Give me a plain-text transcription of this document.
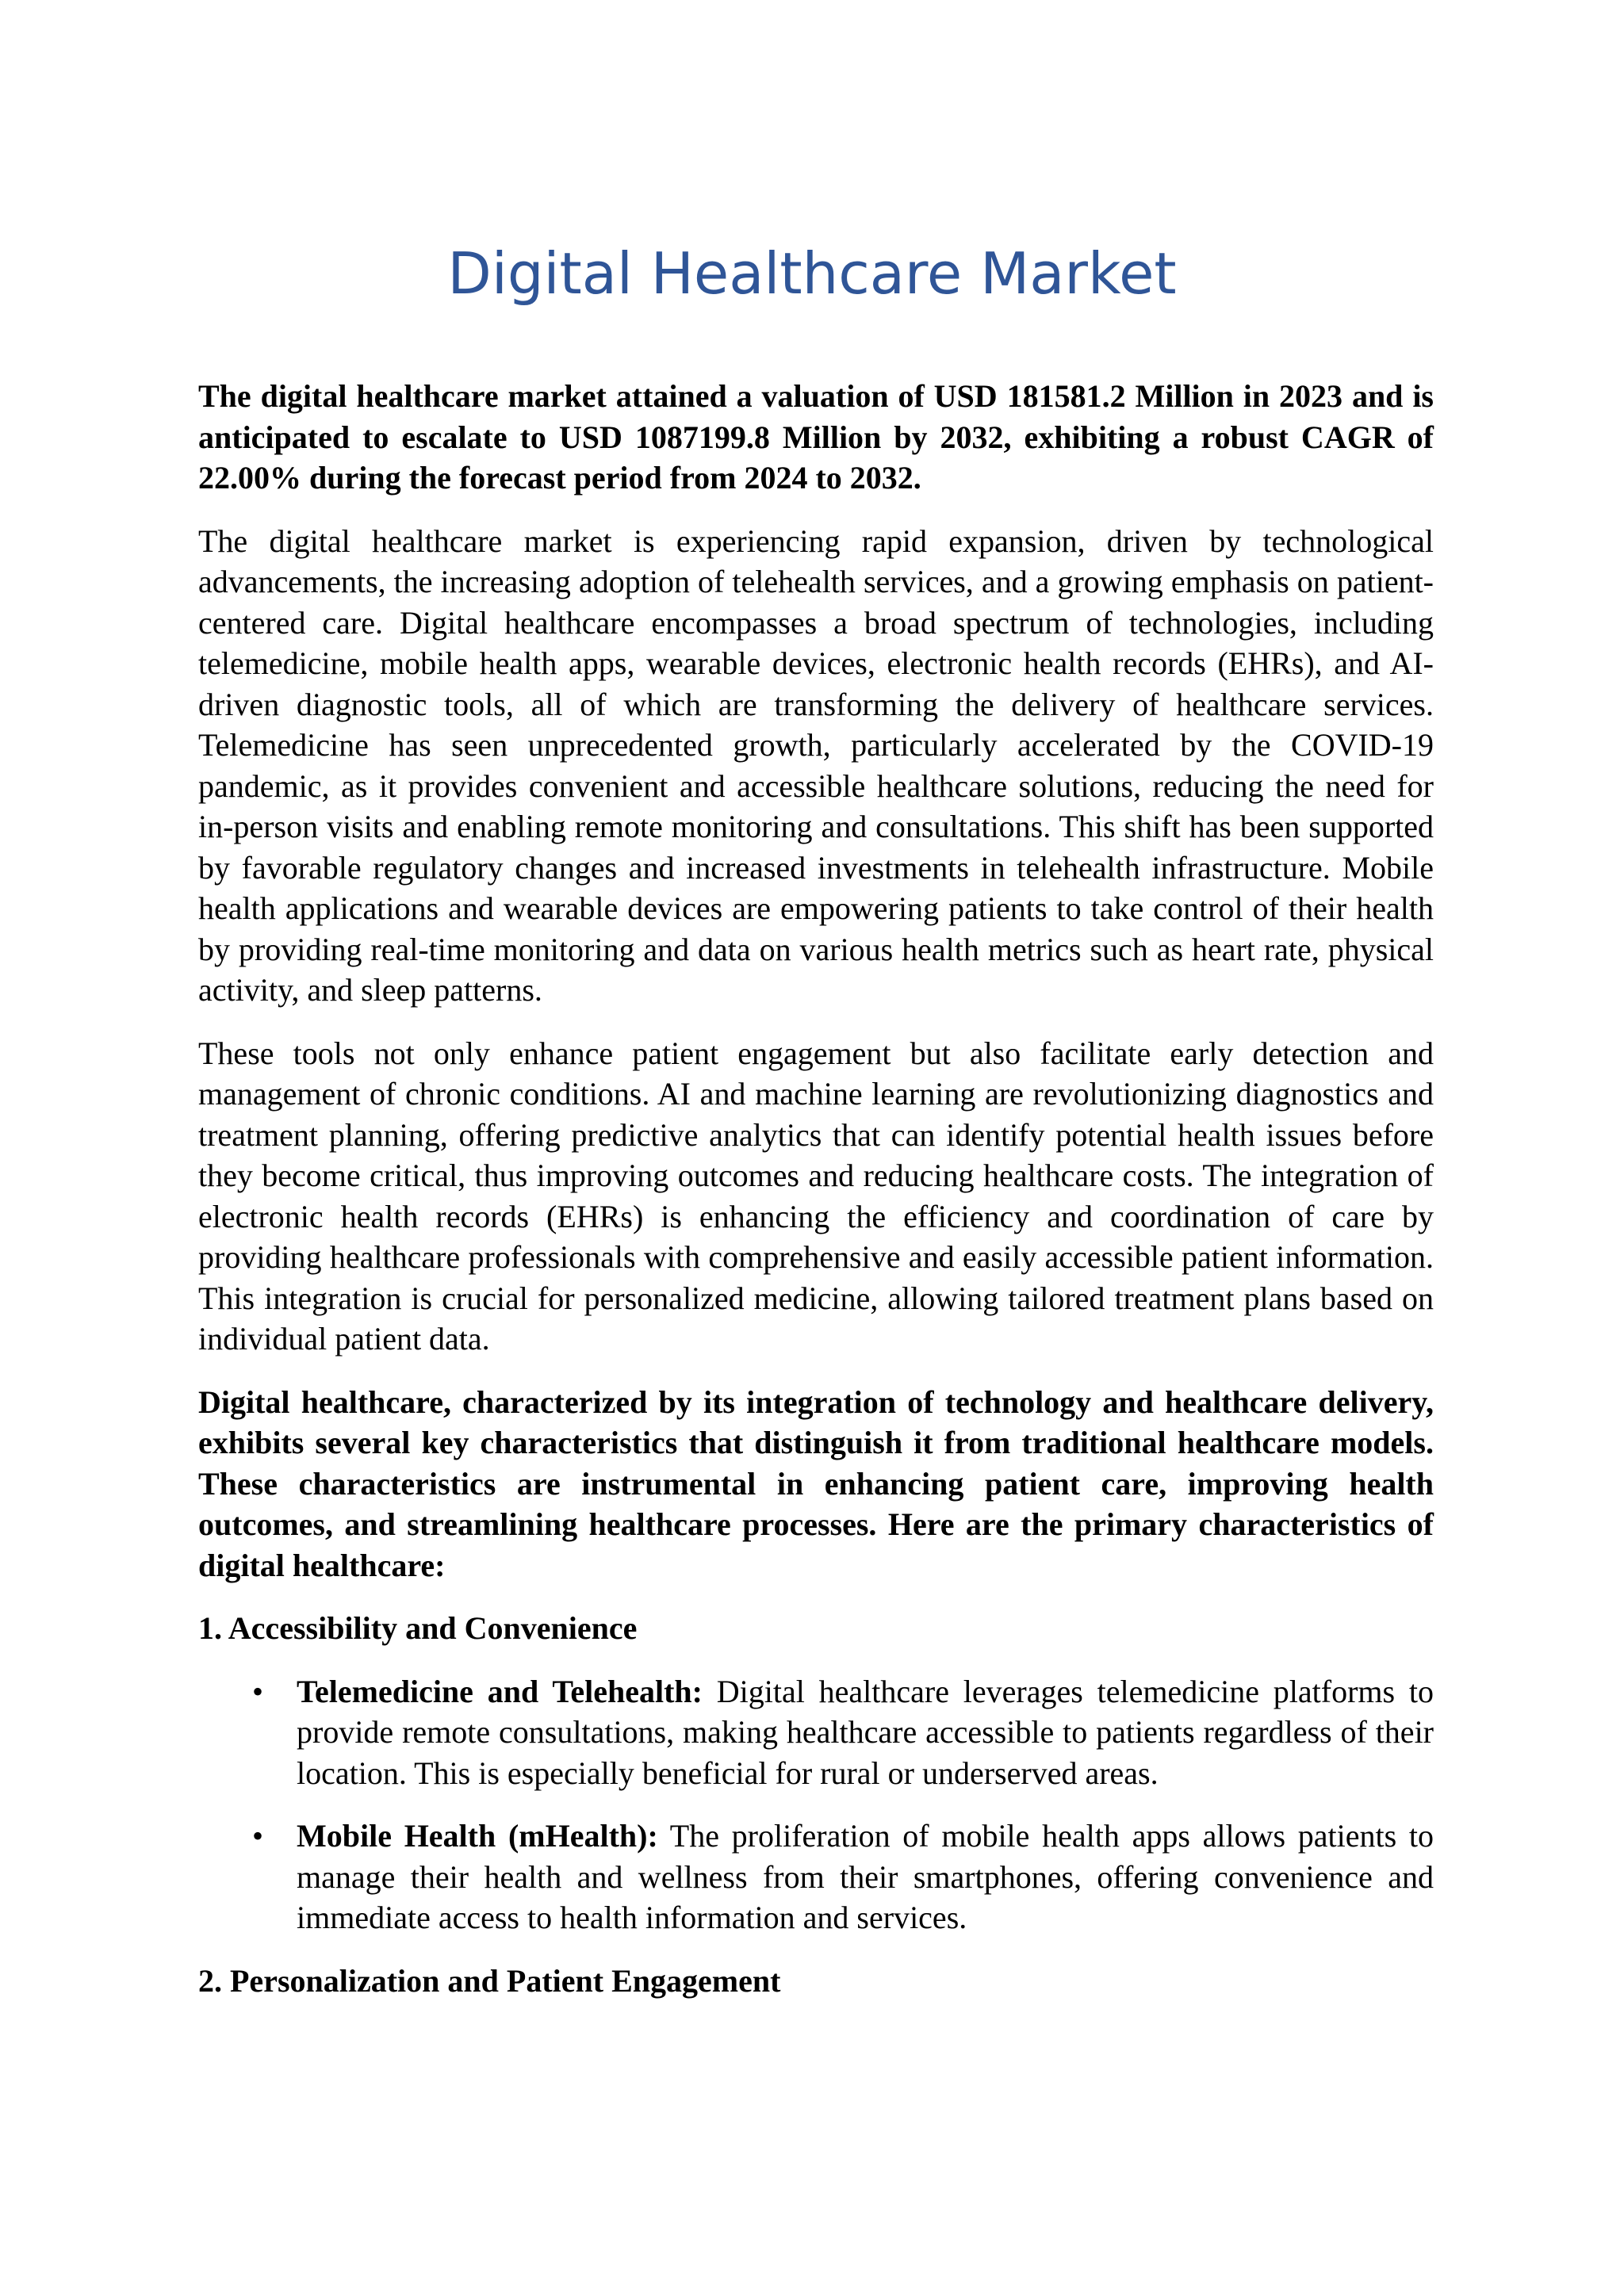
Digital Healthcare Market

The digital healthcare market attained a valuation of USD 181581.2 Million in 2023 and is anticipated to escalate to USD 1087199.8 Million by 2032, exhibiting a robust CAGR of 22.00% during the forecast period from 2024 to 2032.

The digital healthcare market is experiencing rapid expansion, driven by technological advancements, the increasing adoption of telehealth services, and a growing emphasis on patient-centered care. Digital healthcare encompasses a broad spectrum of technologies, including telemedicine, mobile health apps, wearable devices, electronic health records (EHRs), and AI-driven diagnostic tools, all of which are transforming the delivery of healthcare services. Telemedicine has seen unprecedented growth, particularly accelerated by the COVID-19 pandemic, as it provides convenient and accessible healthcare solutions, reducing the need for in-person visits and enabling remote monitoring and consultations. This shift has been supported by favorable regulatory changes and increased investments in telehealth infrastructure. Mobile health applications and wearable devices are empowering patients to take control of their health by providing real-time monitoring and data on various health metrics such as heart rate, physical activity, and sleep patterns.

These tools not only enhance patient engagement but also facilitate early detection and management of chronic conditions. AI and machine learning are revolutionizing diagnostics and treatment planning, offering predictive analytics that can identify potential health issues before they become critical, thus improving outcomes and reducing healthcare costs. The integration of electronic health records (EHRs) is enhancing the efficiency and coordination of care by providing healthcare professionals with comprehensive and easily accessible patient information. This integration is crucial for personalized medicine, allowing tailored treatment plans based on individual patient data.

Digital healthcare, characterized by its integration of technology and healthcare delivery, exhibits several key characteristics that distinguish it from traditional healthcare models. These characteristics are instrumental in enhancing patient care, improving health outcomes, and streamlining healthcare processes. Here are the primary characteristics of digital healthcare:

1. Accessibility and Convenience
• Telemedicine and Telehealth: Digital healthcare leverages telemedicine platforms to provide remote consultations, making healthcare accessible to patients regardless of their location. This is especially beneficial for rural or underserved areas.
• Mobile Health (mHealth): The proliferation of mobile health apps allows patients to manage their health and wellness from their smartphones, offering convenience and immediate access to health information and services.
2. Personalization and Patient Engagement
